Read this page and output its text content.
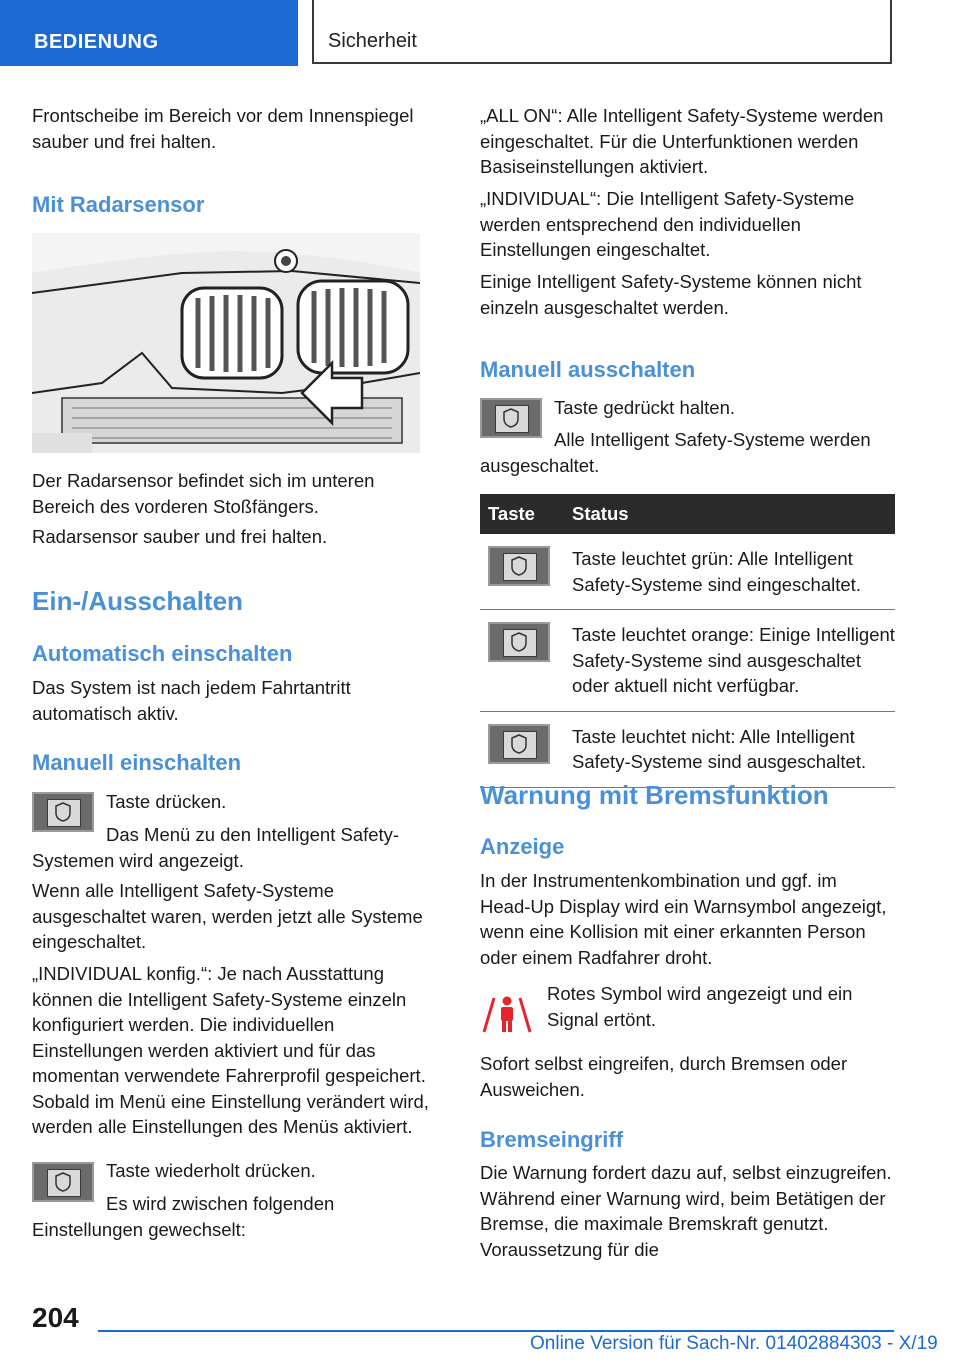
BEDIENUNG	Sicherheit

Frontscheibe im Bereich vor dem Innenspiegel sauber und frei halten.

Mit Radarsensor

Der Radarsensor befindet sich im unteren Bereich des vorderen Stoßfängers.

Radarsensor sauber und frei halten.

Ein-/Ausschalten
Automatisch einschalten

Das System ist nach jedem Fahrtantritt automatisch aktiv.

Manuell einschalten

Taste drücken.

Das Menü zu den Intelligent Safety-Systemen wird angezeigt.

Wenn alle Intelligent Safety-Systeme ausgeschaltet waren, werden jetzt alle Systeme eingeschaltet.

„INDIVIDUAL konfig.“: Je nach Ausstattung können die Intelligent Safety-Systeme einzeln konfiguriert werden. Die individuellen Einstellungen werden aktiviert und für das momentan verwendete Fahrerprofil gespeichert. Sobald im Menü eine Einstellung verändert wird, werden alle Einstellungen des Menüs aktiviert.

Taste wiederholt drücken.

Es wird zwischen folgenden Einstellungen gewechselt:

„ALL ON“: Alle Intelligent Safety-Systeme werden eingeschaltet. Für die Unterfunktionen werden Basiseinstellungen aktiviert.

„INDIVIDUAL“: Die Intelligent Safety-Systeme werden entsprechend den individuellen Einstellungen eingeschaltet.

Einige Intelligent Safety-Systeme können nicht einzeln ausgeschaltet werden.

Manuell ausschalten

Taste gedrückt halten.

Alle Intelligent Safety-Systeme werden ausgeschaltet.

Taste	Status

	Taste leuchtet grün: Alle Intelligent Safety-Systeme sind eingeschaltet.

	Taste leuchtet orange: Einige Intelligent Safety-Systeme sind ausgeschaltet oder aktuell nicht verfügbar.

	Taste leuchtet nicht: Alle Intelligent Safety-Systeme sind ausgeschaltet.
Warnung mit Bremsfunktion
Anzeige

In der Instrumentenkombination und ggf. im Head-Up Display wird ein Warnsymbol angezeigt, wenn eine Kollision mit einer erkannten Person oder einem Radfahrer droht.

Rotes Symbol wird angezeigt und ein Signal ertönt.

Sofort selbst eingreifen, durch Bremsen oder Ausweichen.

Bremseingriff

Die Warnung fordert dazu auf, selbst einzugreifen. Während einer Warnung wird, beim Betätigen der Bremse, die maximale Bremskraft genutzt. Voraussetzung für die

204
Online Version für Sach-Nr. 01402884303 - X/19
